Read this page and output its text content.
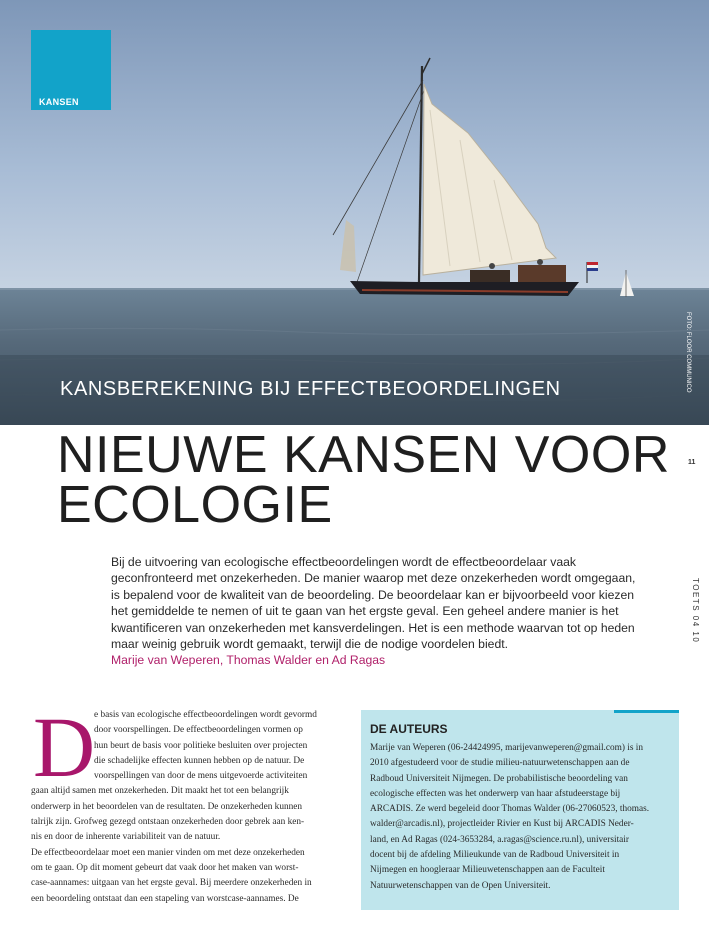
KANSEN
KANSBEREKENING BIJ EFFECTBEOORDELINGEN	FOTO: FLOOR COMMUNICO
NIEUWE KANSEN VOOR
ECOLOGIE
11
TOETS 04 10

Bij de uitvoering van ecologische effectbeoordelingen wordt de effectbeoordelaar vaak geconfronteerd met onzekerheden. De manier waarop met deze onzekerheden wordt omgegaan, is bepalend voor de kwaliteit van de beoordeling. De beoordelaar kan er bijvoorbeeld voor kiezen het gemiddelde te nemen of uit te gaan van het ergste geval. Een geheel andere manier is het kwantificeren van onzekerheden met kansverdelingen. Het is een methode waarvan tot op heden maar weinig gebruik wordt gemaakt, terwijl die de nodige voordelen biedt.

Marije van Weperen, Thomas Walder en Ad Ragas

D
e basis van ecologische effectbeoordelingen wordt gevormd
door voorspellingen. De effectbeoordelingen vormen op
hun beurt de basis voor politieke besluiten over projecten
die schadelijke effecten kunnen hebben op de natuur. De
voorspellingen van door de mens uitgevoerde activiteiten
gaan altijd samen met onzekerheden. Dit maakt het tot een belangrijk
onderwerp in het beoordelen van de resultaten. De onzekerheden kunnen
talrijk zijn. Grofweg gezegd ontstaan onzekerheden door gebrek aan ken-
nis en door de inherente variabiliteit van de natuur.
De effectbeoordelaar moet een manier vinden om met deze onzekerheden
om te gaan. Op dit moment gebeurt dat vaak door het maken van worst-
case-aannames: uitgaan van het ergste geval. Bij meerdere onzekerheden in
een beoordeling ontstaat dan een stapeling van worstcase-aannames. De
DE AUTEURS
Marije van Weperen (06-24424995, marijevanweperen@gmail.com) is in
2010 afgestudeerd voor de studie milieu-natuurwetenschappen aan de
Radboud Universiteit Nijmegen. De probabilistische beoordeling van
ecologische effecten was het onderwerp van haar afstudeerstage bij
ARCADIS. Ze werd begeleid door Thomas Walder (06-27060523, thomas.
walder@arcadis.nl), projectleider Rivier en Kust bij ARCADIS Neder-
land, en Ad Ragas (024-3653284, a.ragas@science.ru.nl), universitair
docent bij de afdeling Milieukunde van de Radboud Universiteit in
Nijmegen en hoogleraar Milieuwetenschappen aan de Faculteit
Natuurwetenschappen van de Open Universiteit.
